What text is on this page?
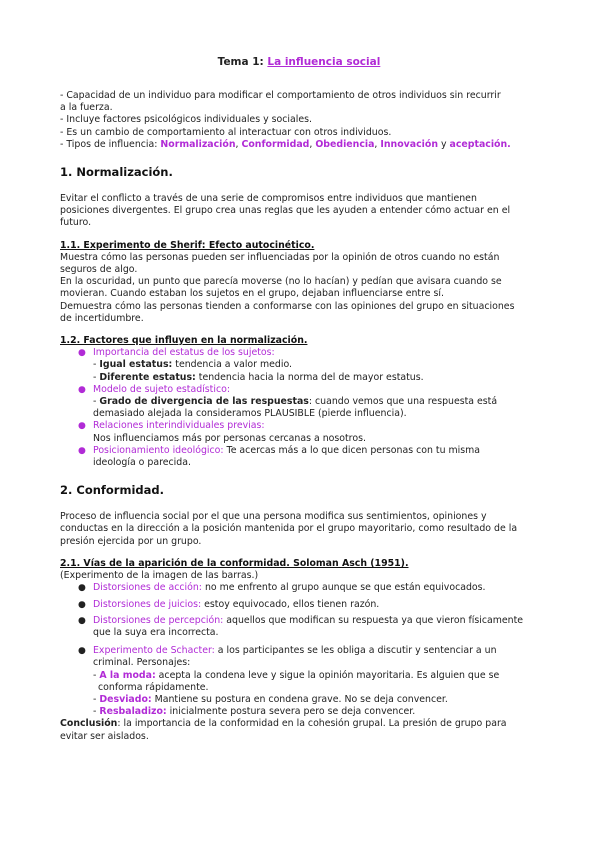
Tema 1: La influencia social

- Capacidad de un individuo para modificar el comportamiento de otros individuos sin recurrir

a la fuerza.

- Incluye factores psicológicos individuales y sociales.

- Es un cambio de comportamiento al interactuar con otros individuos.

- Tipos de influencia: Normalización, Conformidad, Obediencia, Innovación y aceptación.

1. Normalización.

Evitar el conflicto a través de una serie de compromisos entre individuos que mantienen

posiciones divergentes. El grupo crea unas reglas que les ayuden a entender cómo actuar en el

futuro.

1.1. Experimento de Sherif: Efecto autocinético.

Muestra cómo las personas pueden ser influenciadas por la opinión de otros cuando no están

seguros de algo.

En la oscuridad, un punto que parecía moverse (no lo hacían) y pedían que avisara cuando se

movieran. Cuando estaban los sujetos en el grupo, dejaban influenciarse entre sí.

Demuestra cómo las personas tienden a conformarse con las opiniones del grupo en situaciones

de incertidumbre.

1.2. Factores que influyen en la normalización.
● Importancia del estatus de los sujetos:
- Igual estatus: tendencia a valor medio.
- Diferente estatus: tendencia hacia la norma del de mayor estatus.
● Modelo de sujeto estadístico:
- Grado de divergencia de las respuestas: cuando vemos que una respuesta está
demasiado alejada la consideramos PLAUSIBLE (pierde influencia).
● Relaciones interindividuales previas:
Nos influenciamos más por personas cercanas a nosotros.
● Posicionamiento ideológico: Te acercas más a lo que dicen personas con tu misma
ideología o parecida.
2. Conformidad.

Proceso de influencia social por el que una persona modifica sus sentimientos, opiniones y

conductas en la dirección a la posición mantenida por el grupo mayoritario, como resultado de la

presión ejercida por un grupo.

2.1. Vías de la aparición de la conformidad. Soloman Asch (1951).

(Experimento de la imagen de las barras.)

● Distorsiones de acción: no me enfrento al grupo aunque se que están equivocados.
● Distorsiones de juicios: estoy equivocado, ellos tienen razón.
● Distorsiones de percepción: aquellos que modifican su respuesta ya que vieron físicamente
que la suya era incorrecta.
● Experimento de Schacter: a los participantes se les obliga a discutir y sentenciar a un
criminal. Personajes:
- A la moda: acepta la condena leve y sigue la opinión mayoritaria. Es alguien que se
conforma rápidamente.
- Desviado: Mantiene su postura en condena grave. No se deja convencer.
- Resbaladizo: inicialmente postura severa pero se deja convencer.

Conclusión: la importancia de la conformidad en la cohesión grupal. La presión de grupo para

evitar ser aislados.
